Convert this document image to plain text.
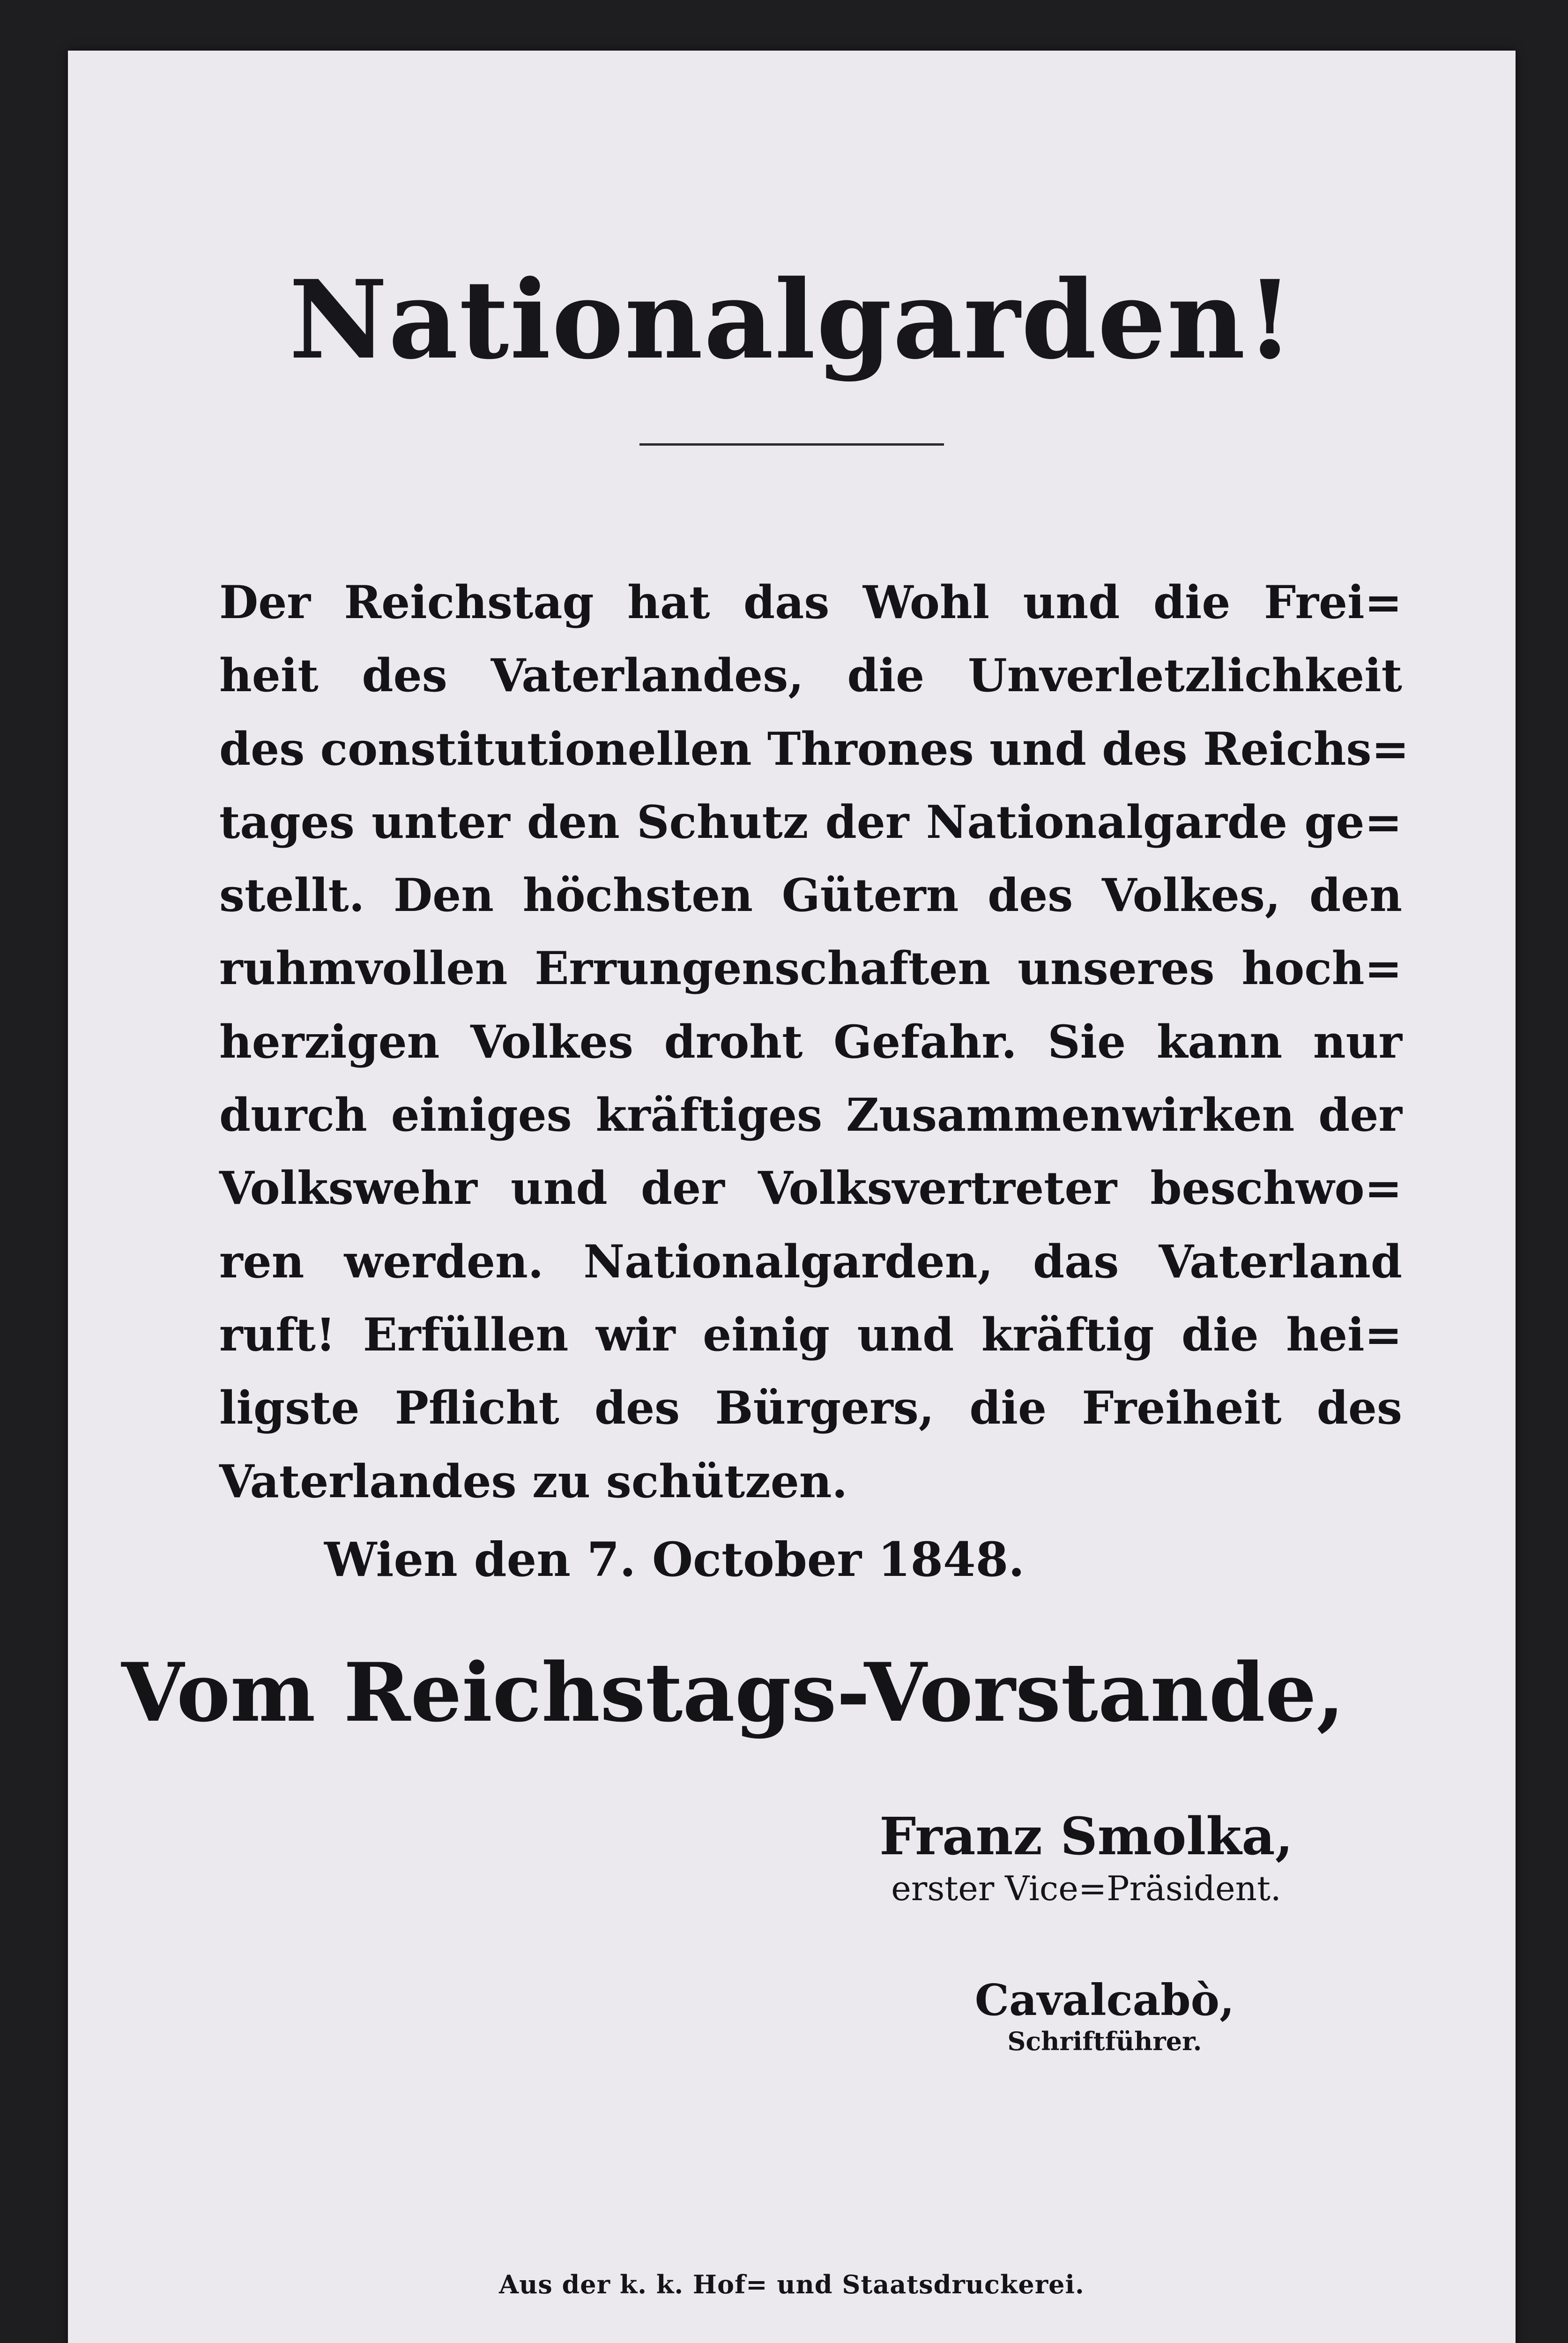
Nationalgarden!
Der Reichstag hat das Wohl und die Frei=
heit des Vaterlandes, die Unverletzlichkeit
des constitutionellen Thrones und des Reichs=
tages unter den Schutz der Nationalgarde ge=
stellt. Den höchsten Gütern des Volkes, den
ruhmvollen Errungenschaften unseres hoch=
herzigen Volkes droht Gefahr. Sie kann nur
durch einiges kräftiges Zusammenwirken der
Volkswehr und der Volksvertreter beschwo=
ren werden. Nationalgarden, das Vaterland
ruft! Erfüllen wir einig und kräftig die hei=
ligste Pflicht des Bürgers, die Freiheit des
Vaterlandes zu schützen.
Wien den 7. October 1848.
Vom Reichstags-Vorstande,
Franz Smolka,
erster Vice=Präsident.
Cavalcabò,
Schriftführer.
Aus der k. k. Hof= und Staatsdruckerei.
